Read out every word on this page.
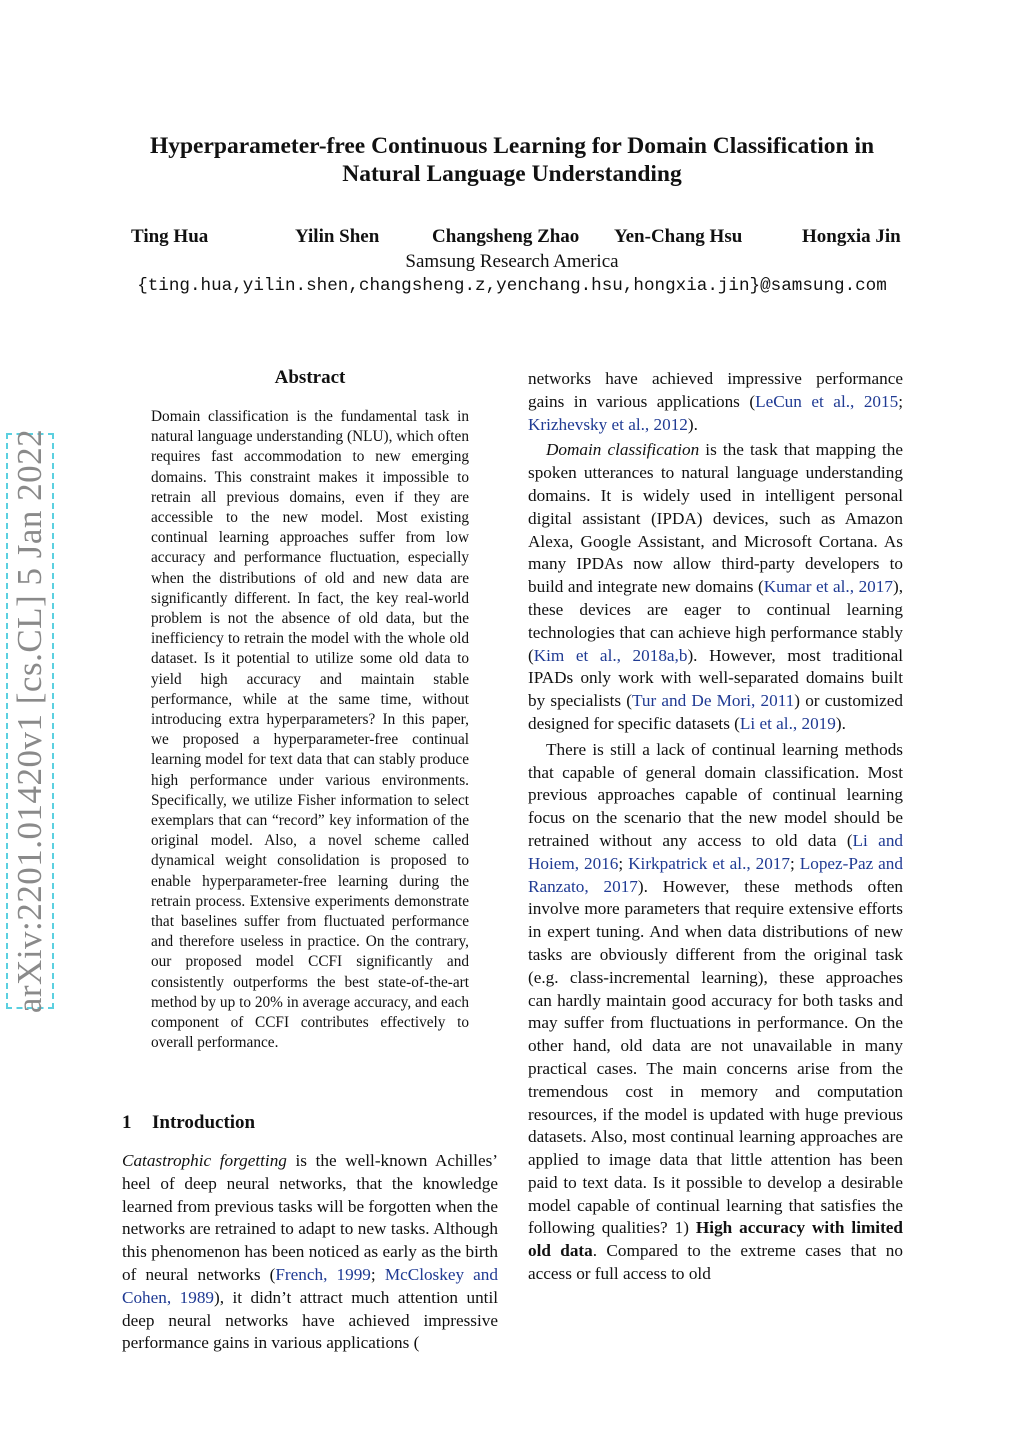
Hyperparameter-free Continuous Learning for Domain Classification in
Natural Language Understanding
Ting Hua	Yilin Shen	Changsheng Zhao Yen-Chang Hsu	Hongxia Jin
Samsung Research America
{ting.hua,yilin.shen,changsheng.z,yenchang.hsu,hongxia.jin}@samsung.com
arXiv:2201.01420v1 [cs.CL] 5 Jan 2022
Abstract
Domain classification is the fundamental task in natural language understanding (NLU), which often requires fast accommodation to new emerging domains. This constraint makes it impossible to retrain all previous domains, even if they are accessible to the new model. Most existing continual learning approaches suffer from low accuracy and performance fluctuation, especially when the distributions of old and new data are significantly different. In fact, the key real-world problem is not the absence of old data, but the inefficiency to retrain the model with the whole old dataset. Is it potential to utilize some old data to yield high accuracy and maintain stable performance, while at the same time, without introducing extra hyperparameters? In this paper, we proposed a hyperparameter-free continual learning model for text data that can stably produce high performance under various environments. Specifically, we utilize Fisher information to select exemplars that can “record” key information of the original model. Also, a novel scheme called dynamical weight consolidation is proposed to enable hyperparameter-free learning during the retrain process. Extensive experiments demonstrate that baselines suffer from fluctuated performance and therefore useless in practice. On the contrary, our proposed model CCFI significantly and consistently outperforms the best state-of-the-art method by up to 20% in average accuracy, and each component of CCFI contributes effectively to overall performance.
1 Introduction
Catastrophic forgetting is the well-known Achilles’ heel of deep neural networks, that the knowledge learned from previous tasks will be forgotten when the networks are retrained to adapt to new tasks. Although this phenomenon has been noticed as early as the birth of neural networks (French, 1999; McCloskey and Cohen, 1989), it didn’t attract much attention until deep neural networks have achieved impressive performance gains in various applications (

networks have achieved impressive performance gains in various applications (LeCun et al., 2015; Krizhevsky et al., 2012).

Domain classification is the task that mapping the spoken utterances to natural language understanding domains. It is widely used in intelligent personal digital assistant (IPDA) devices, such as Amazon Alexa, Google Assistant, and Microsoft Cortana. As many IPDAs now allow third-party developers to build and integrate new domains (Kumar et al., 2017), these devices are eager to continual learning technologies that can achieve high performance stably (Kim et al., 2018a,b). However, most traditional IPADs only work with well-separated domains built by specialists (Tur and De Mori, 2011) or customized designed for specific datasets (Li et al., 2019).

There is still a lack of continual learning methods that capable of general domain classification. Most previous approaches capable of continual learning focus on the scenario that the new model should be retrained without any access to old data (Li and Hoiem, 2016; Kirkpatrick et al., 2017; Lopez-Paz and Ranzato, 2017). However, these methods often involve more parameters that require extensive efforts in expert tuning. And when data distributions of new tasks are obviously different from the original task (e.g. class-incremental learning), these approaches can hardly maintain good accuracy for both tasks and may suffer from fluctuations in performance. On the other hand, old data are not unavailable in many practical cases. The main concerns arise from the tremendous cost in memory and computation resources, if the model is updated with huge previous datasets. Also, most continual learning approaches are applied to image data that little attention has been paid to text data. Is it possible to develop a desirable model capable of continual learning that satisfies the following qualities? 1) High accuracy with limited old data. Compared to the extreme cases that no access or full access to old
